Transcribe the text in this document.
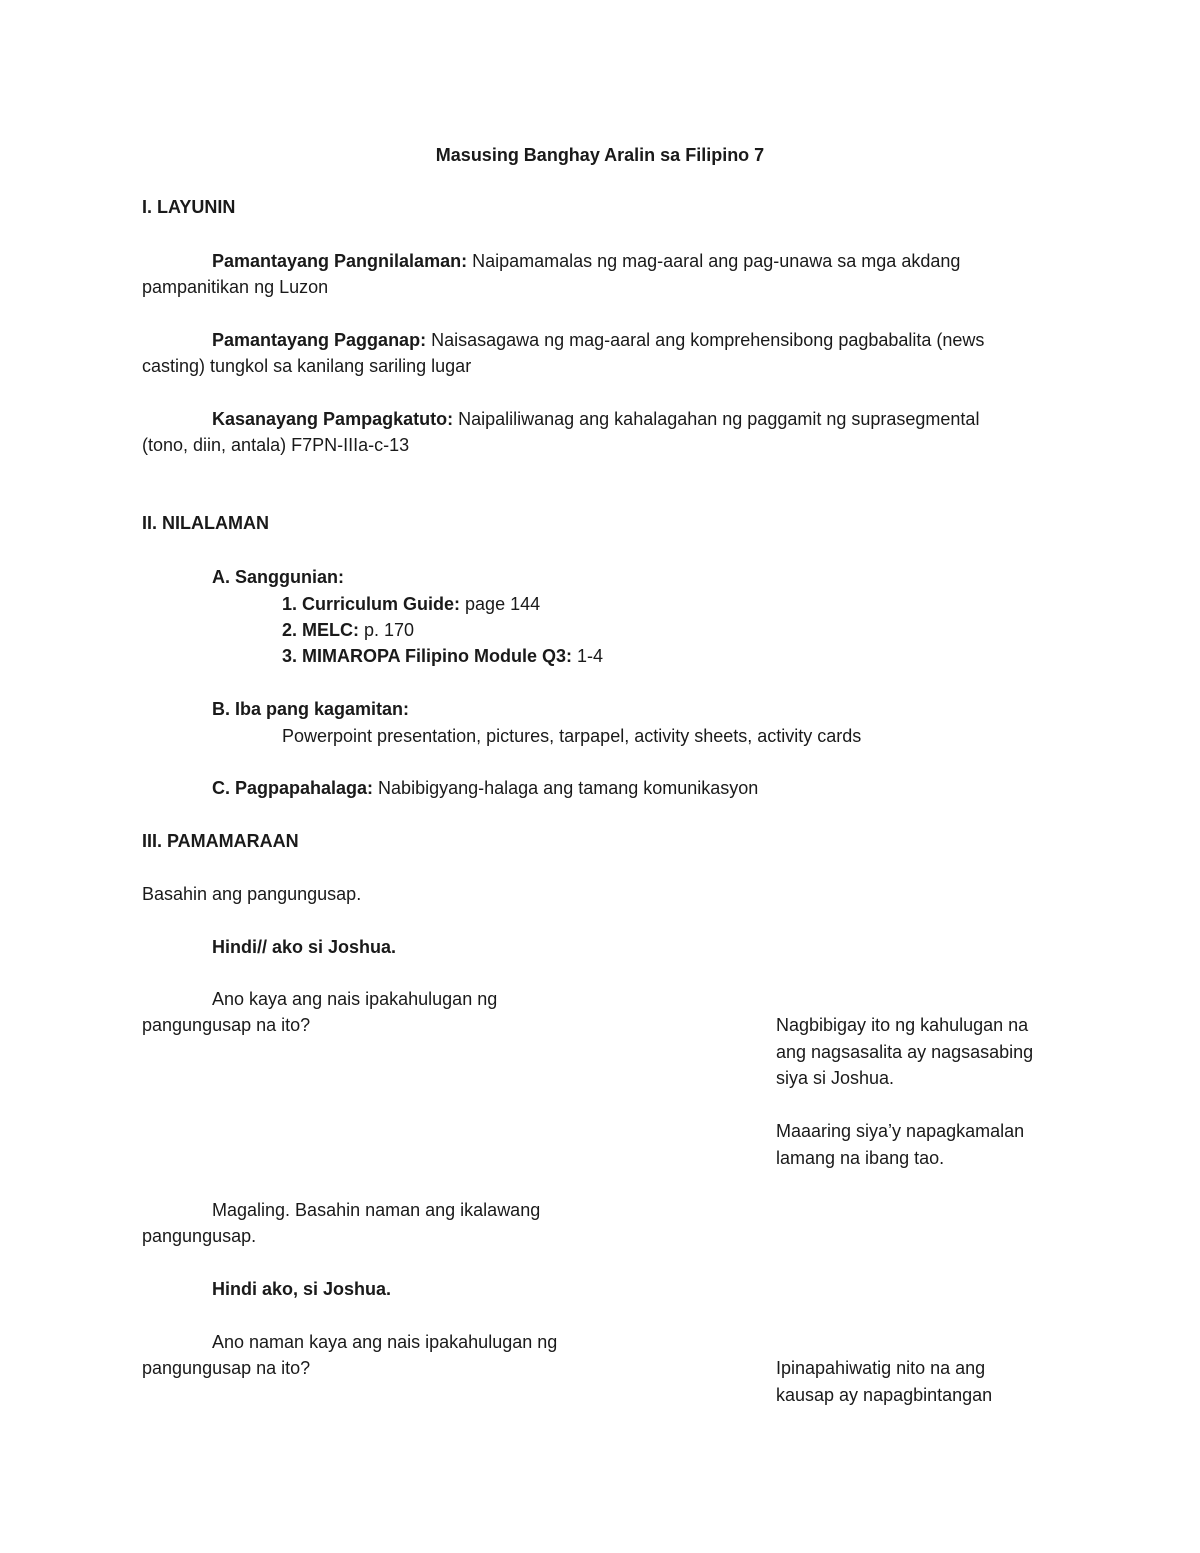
Masusing Banghay Aralin sa Filipino 7
I. LAYUNIN
Pamantayang Pangnilalaman: Naipamamalas ng mag-aaral ang pag-unawa sa mga akdang
pampanitikan ng Luzon
Pamantayang Pagganap: Naisasagawa ng mag-aaral ang komprehensibong pagbabalita (news
casting) tungkol sa kanilang sariling lugar
Kasanayang Pampagkatuto: Naipaliliwanag ang kahalagahan ng paggamit ng suprasegmental
(tono, diin, antala) F7PN-IIIa-c-13
II. NILALAMAN
A. Sanggunian:
1. Curriculum Guide: page 144
2. MELC: p. 170
3. MIMAROPA Filipino Module Q3: 1-4
B. Iba pang kagamitan:
Powerpoint presentation, pictures, tarpapel, activity sheets, activity cards
C. Pagpapahalaga: Nabibigyang-halaga ang tamang komunikasyon
III. PAMAMARAAN
Basahin ang pangungusap.
Hindi// ako si Joshua.
Ano kaya ang nais ipakahulugan ng
pangungusap na ito?	Nagbibigay ito ng kahulugan na
ang nagsasalita ay nagsasabing
siya si Joshua.
Maaaring siya’y napagkamalan
lamang na ibang tao.
Magaling. Basahin naman ang ikalawang
pangungusap.
Hindi ako, si Joshua.
Ano naman kaya ang nais ipakahulugan ng
pangungusap na ito?	Ipinapahiwatig nito na ang
kausap ay napagbintangan
